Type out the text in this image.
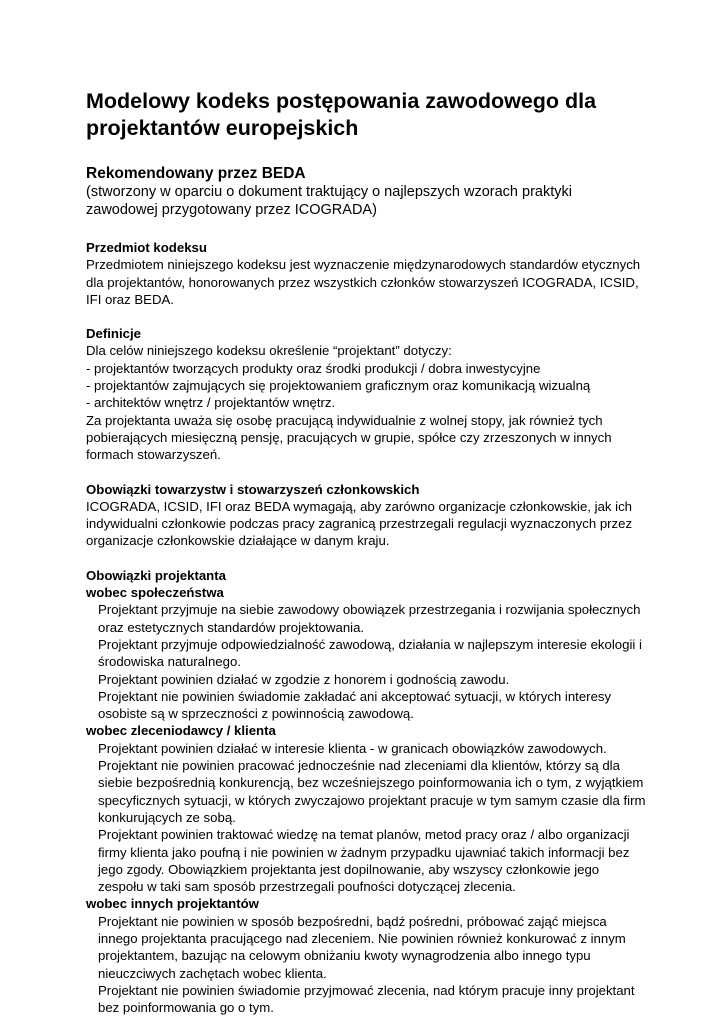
Modelowy kodeks postępowania zawodowego dla projektantów europejskich

Rekomendowany przez BEDA

(stworzony w oparciu o dokument traktujący o najlepszych wzorach praktyki zawodowej przygotowany przez ICOGRADA)

Przedmiot kodeksu

Przedmiotem niniejszego kodeksu jest wyznaczenie międzynarodowych standardów etycznych dla projektantów, honorowanych przez wszystkich członków stowarzyszeń ICOGRADA, ICSID, IFI oraz BEDA.

Definicje

Dla celów niniejszego kodeksu określenie “projektant” dotyczy:

- projektantów tworzących produkty oraz środki produkcji / dobra inwestycyjne

- projektantów zajmujących się projektowaniem graficznym oraz komunikacją wizualną

- architektów wnętrz / projektantów wnętrz.

Za projektanta uważa się osobę pracującą indywidualnie z wolnej stopy, jak również tych pobierających miesięczną pensję, pracujących w grupie, spółce czy zrzeszonych w innych formach stowarzyszeń.

Obowiązki towarzystw i stowarzyszeń członkowskich

ICOGRADA, ICSID, IFI oraz BEDA wymagają, aby zarówno organizacje członkowskie, jak ich indywidualni członkowie podczas pracy zagranicą przestrzegali regulacji wyznaczonych przez organizacje członkowskie działające w danym kraju.

Obowiązki projektanta

wobec społeczeństwa

Projektant przyjmuje na siebie zawodowy obowiązek przestrzegania i rozwijania społecznych oraz estetycznych standardów projektowania.

Projektant przyjmuje odpowiedzialność zawodową, działania w najlepszym interesie ekologii i środowiska naturalnego.

Projektant powinien działać w zgodzie z honorem i godnością zawodu.

Projektant nie powinien świadomie zakładać ani akceptować sytuacji, w których interesy osobiste są w sprzeczności z powinnością zawodową.

wobec zleceniodawcy / klienta

Projektant powinien działać w interesie klienta - w granicach obowiązków zawodowych.

Projektant nie powinien pracować jednocześnie nad zleceniami dla klientów, którzy są dla siebie bezpośrednią konkurencją, bez wcześniejszego poinformowania ich o tym, z wyjątkiem specyficznych sytuacji, w których zwyczajowo projektant pracuje w tym samym czasie dla firm konkurujących ze sobą.

Projektant powinien traktować wiedzę na temat planów, metod pracy oraz / albo organizacji firmy klienta jako poufną i nie powinien w żadnym przypadku ujawniać takich informacji bez jego zgody. Obowiązkiem projektanta jest dopilnowanie, aby wszyscy członkowie jego zespołu w taki sam sposób przestrzegali poufności dotyczącej zlecenia.

wobec innych projektantów

Projektant nie powinien w sposób bezpośredni, bądź pośredni, próbować zająć miejsca innego projektanta pracującego nad zleceniem. Nie powinien również konkurować z innym projektantem, bazując na celowym obniżaniu kwoty wynagrodzenia albo innego typu nieuczciwych zachętach wobec klienta.

Projektant nie powinien świadomie przyjmować zlecenia, nad którym pracuje inny projektant bez poinformowania go o tym.
